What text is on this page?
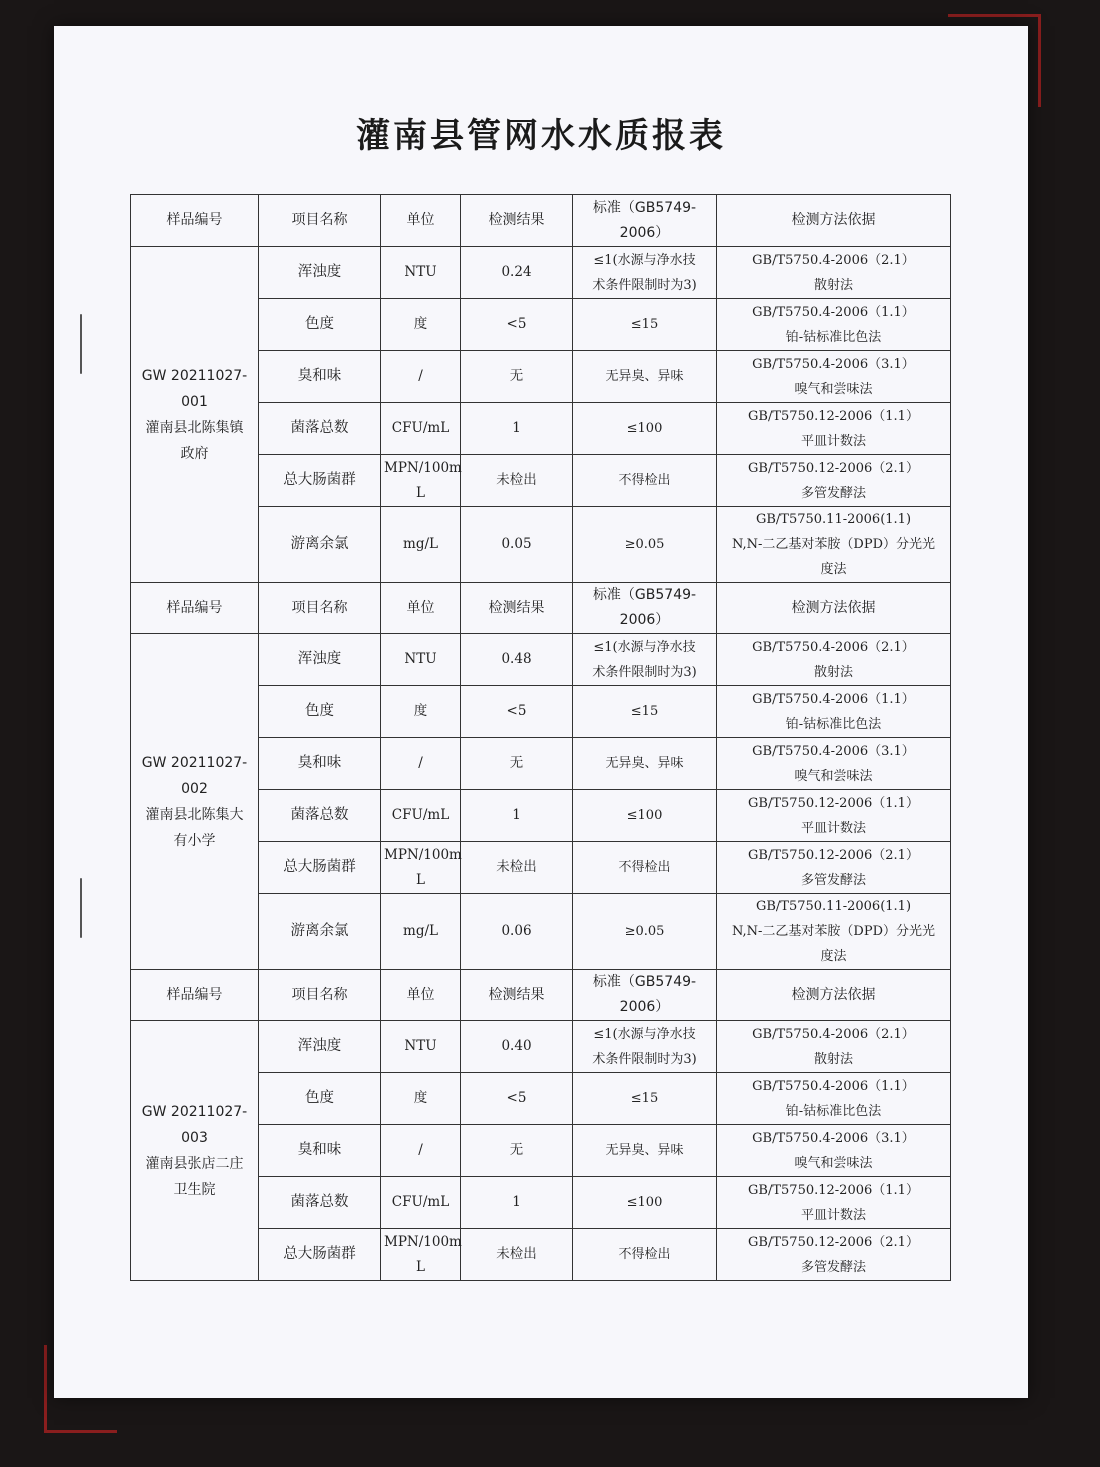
灌南县管网水水质报表
样品编号	项目名称	单位	检测结果	标准（GB5749-2006）	检测方法依据

GW 20211027-001
灌南县北陈集镇
政府	浑浊度	NTU	0.24	≤1(水源与净水技
术条件限制时为3)	GB/T5750.4-2006（2.1）
散射法

	色度	度	<5	≤15	GB/T5750.4-2006（1.1）
铂-钴标准比色法

	臭和味	/	无	无异臭、异味	GB/T5750.4-2006（3.1）
嗅气和尝味法

	菌落总数	CFU/mL	1	≤100	GB/T5750.12-2006（1.1）
平皿计数法

	总大肠菌群	MPN/100m
L	未检出	不得检出	GB/T5750.12-2006（2.1）
多管发酵法

	游离余氯	mg/L	0.05	≥0.05	GB/T5750.11-2006(1.1)
N,N-二乙基对苯胺（DPD）分光光
度法

样品编号	项目名称	单位	检测结果	标准（GB5749-2006）	检测方法依据

GW 20211027-002
灌南县北陈集大
有小学	浑浊度	NTU	0.48	≤1(水源与净水技
术条件限制时为3)	GB/T5750.4-2006（2.1）
散射法

	色度	度	<5	≤15	GB/T5750.4-2006（1.1）
铂-钴标准比色法

	臭和味	/	无	无异臭、异味	GB/T5750.4-2006（3.1）
嗅气和尝味法

	菌落总数	CFU/mL	1	≤100	GB/T5750.12-2006（1.1）
平皿计数法

	总大肠菌群	MPN/100m
L	未检出	不得检出	GB/T5750.12-2006（2.1）
多管发酵法

	游离余氯	mg/L	0.06	≥0.05	GB/T5750.11-2006(1.1)
N,N-二乙基对苯胺（DPD）分光光
度法

样品编号	项目名称	单位	检测结果	标准（GB5749-2006）	检测方法依据

GW 20211027-003
灌南县张店二庄
卫生院	浑浊度	NTU	0.40	≤1(水源与净水技
术条件限制时为3)	GB/T5750.4-2006（2.1）
散射法

	色度	度	<5	≤15	GB/T5750.4-2006（1.1）
铂-钴标准比色法

	臭和味	/	无	无异臭、异味	GB/T5750.4-2006（3.1）
嗅气和尝味法

	菌落总数	CFU/mL	1	≤100	GB/T5750.12-2006（1.1）
平皿计数法

	总大肠菌群	MPN/100m
L	未检出	不得检出	GB/T5750.12-2006（2.1）
多管发酵法
